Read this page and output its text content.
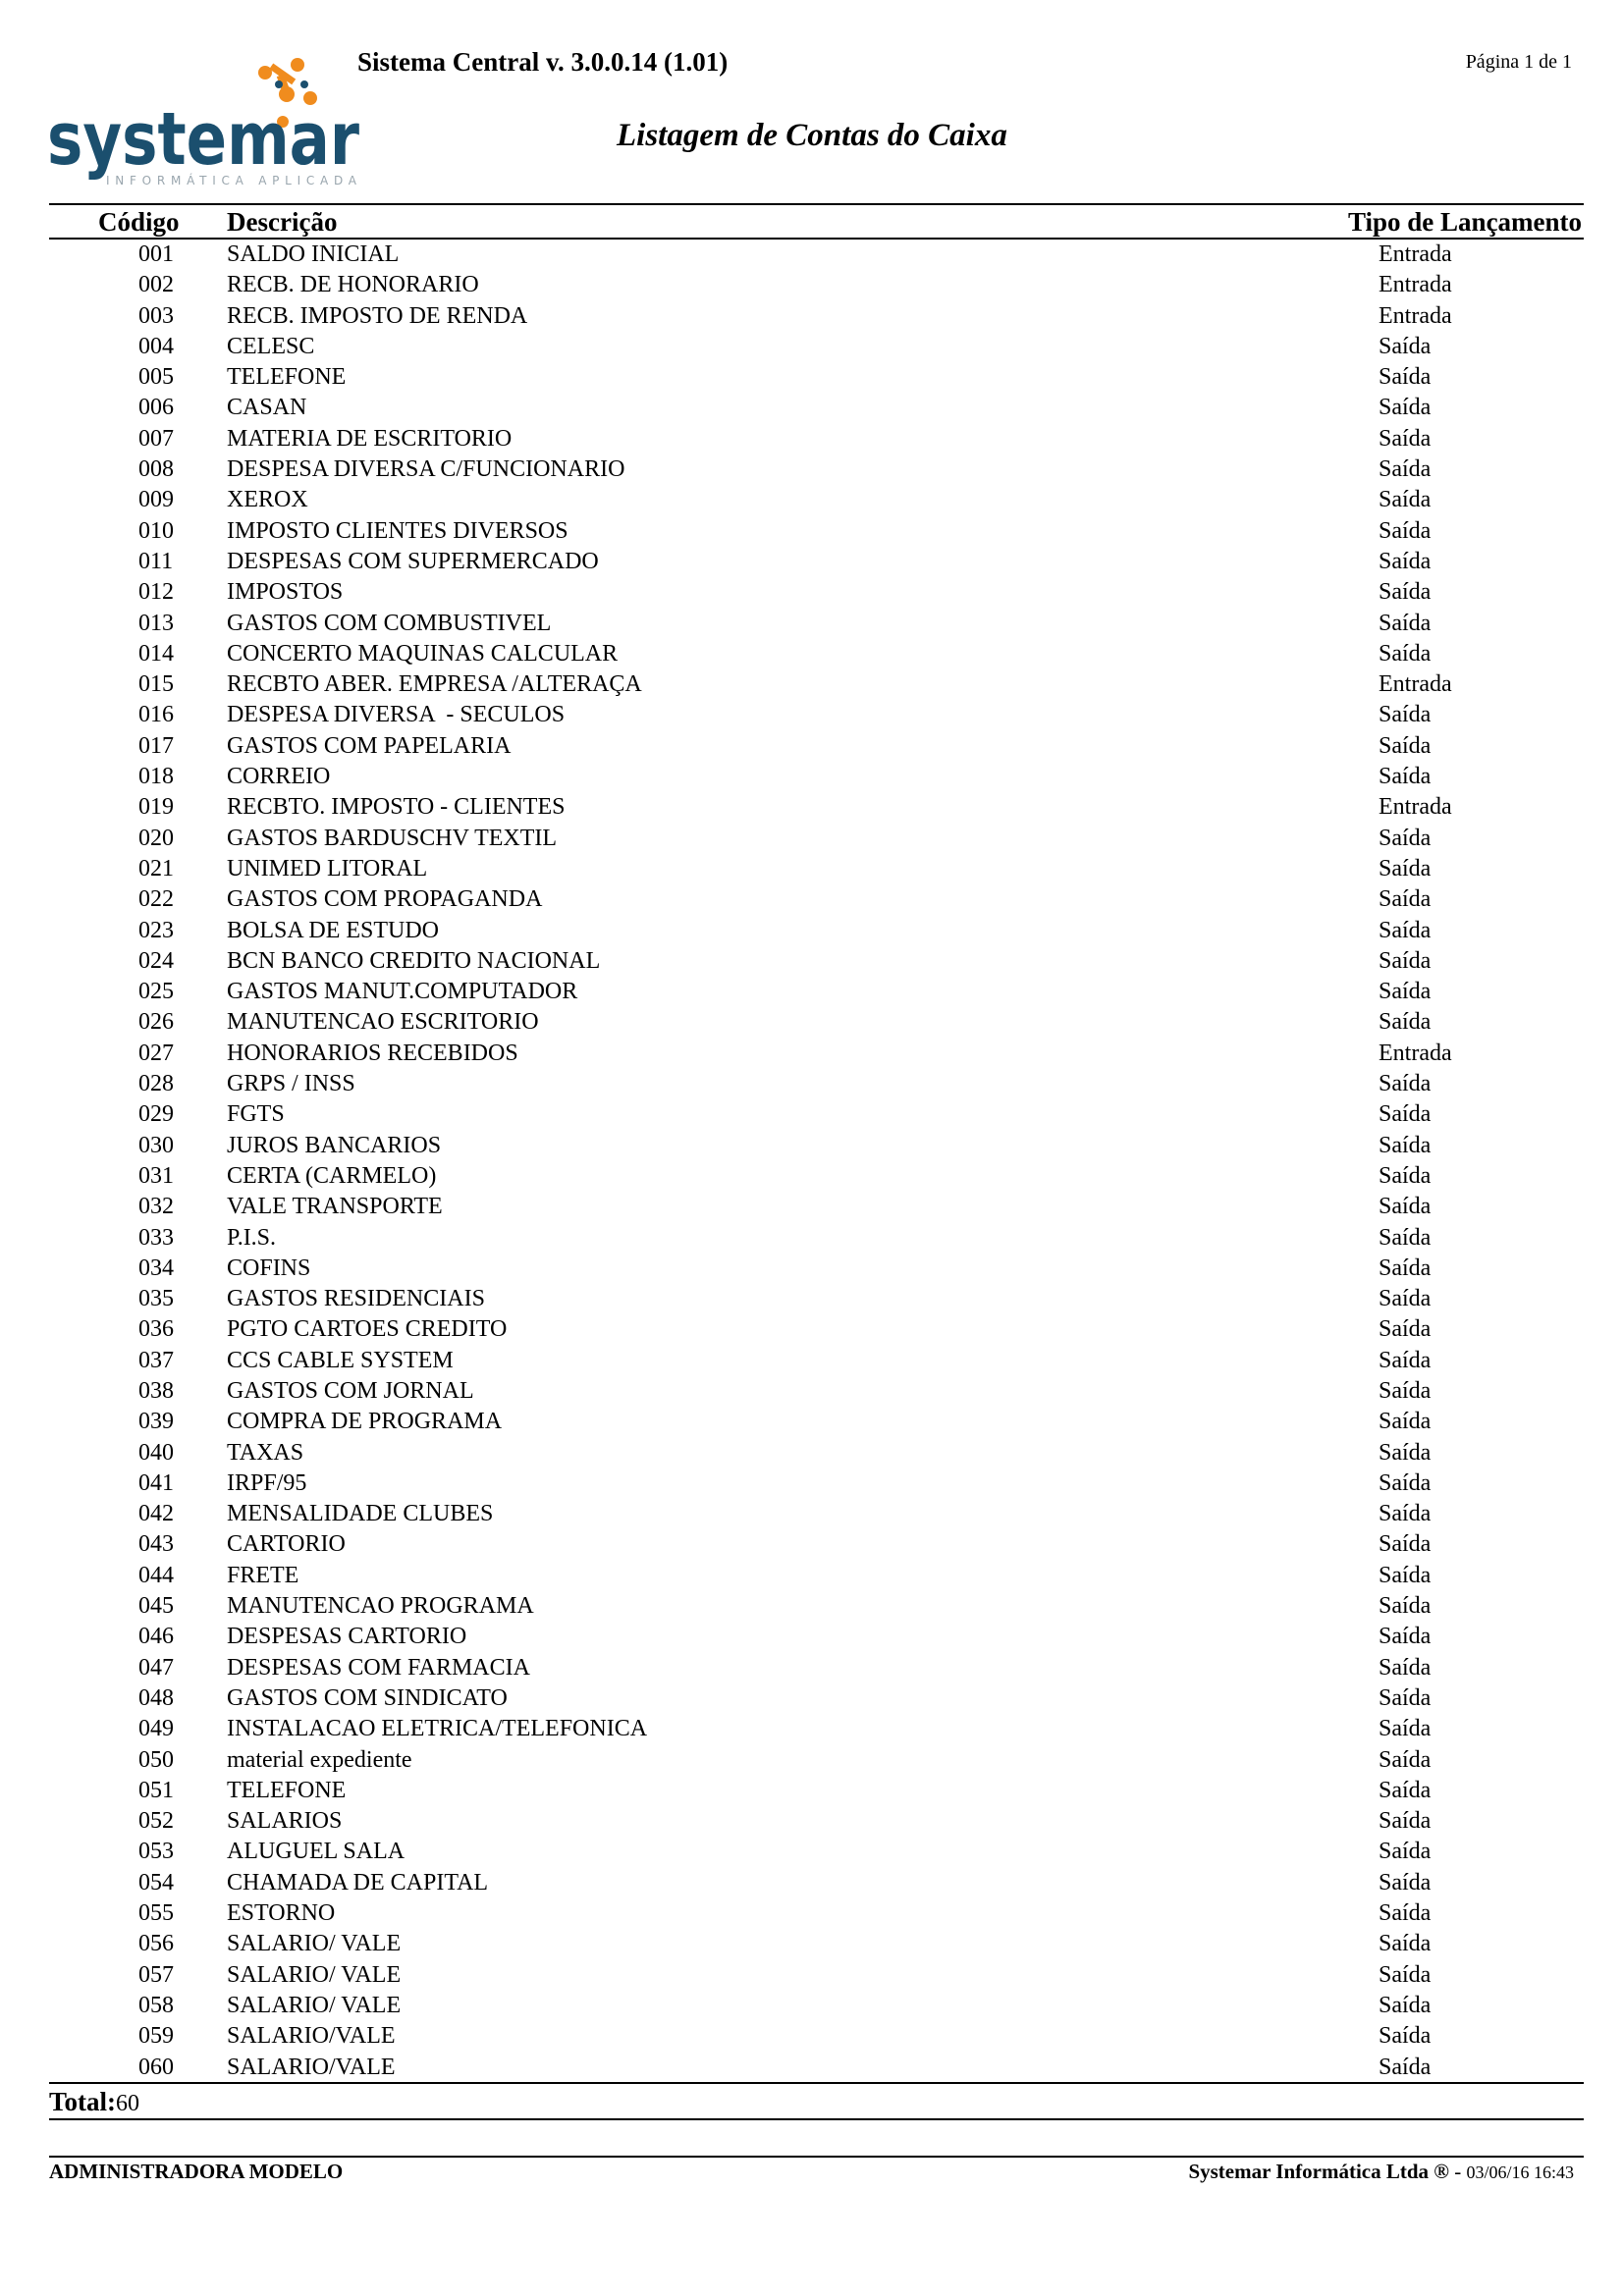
systemar
INFORMÁTICA APLICADA
Sistema Central v. 3.0.0.14 (1.01)	Página 1 de 1
Listagem de Contas do Caixa
Código Descrição	Tipo de Lançamento
001 SALDO INICIAL	Entrada
002 RECB. DE HONORARIO	Entrada
003 RECB. IMPOSTO DE RENDA	Entrada
004 CELESC	Saída
005 TELEFONE	Saída
006 CASAN	Saída
007 MATERIA DE ESCRITORIO	Saída
008 DESPESA DIVERSA C/FUNCIONARIO	Saída
009 XEROX	Saída
010 IMPOSTO CLIENTES DIVERSOS	Saída
011 DESPESAS COM SUPERMERCADO	Saída
012 IMPOSTOS	Saída
013 GASTOS COM COMBUSTIVEL	Saída
014 CONCERTO MAQUINAS CALCULAR	Saída
015 RECBTO ABER. EMPRESA /ALTERAÇA	Entrada
016 DESPESA DIVERSA  - SECULOS	Saída
017 GASTOS COM PAPELARIA	Saída
018 CORREIO	Saída
019 RECBTO. IMPOSTO - CLIENTES	Entrada
020 GASTOS BARDUSCHV TEXTIL	Saída
021 UNIMED LITORAL	Saída
022 GASTOS COM PROPAGANDA	Saída
023 BOLSA DE ESTUDO	Saída
024 BCN BANCO CREDITO NACIONAL	Saída
025 GASTOS MANUT.COMPUTADOR	Saída
026 MANUTENCAO ESCRITORIO	Saída
027 HONORARIOS RECEBIDOS	Entrada
028 GRPS / INSS	Saída
029 FGTS	Saída
030 JUROS BANCARIOS	Saída
031 CERTA (CARMELO)	Saída
032 VALE TRANSPORTE	Saída
033 P.I.S.	Saída
034 COFINS	Saída
035 GASTOS RESIDENCIAIS	Saída
036 PGTO CARTOES CREDITO	Saída
037 CCS CABLE SYSTEM	Saída
038 GASTOS COM JORNAL	Saída
039 COMPRA DE PROGRAMA	Saída
040 TAXAS	Saída
041 IRPF/95	Saída
042 MENSALIDADE CLUBES	Saída
043 CARTORIO	Saída
044 FRETE	Saída
045 MANUTENCAO PROGRAMA	Saída
046 DESPESAS CARTORIO	Saída
047 DESPESAS COM FARMACIA	Saída
048 GASTOS COM SINDICATO	Saída
049 INSTALACAO ELETRICA/TELEFONICA	Saída
050 material expediente	Saída
051 TELEFONE	Saída
052 SALARIOS	Saída
053 ALUGUEL SALA	Saída
054 CHAMADA DE CAPITAL	Saída
055 ESTORNO	Saída
056 SALARIO/ VALE	Saída
057 SALARIO/ VALE	Saída
058 SALARIO/ VALE	Saída
059 SALARIO/VALE	Saída
060 SALARIO/VALE	Saída
Total:60
ADMINISTRADORA MODELO	Systemar Informática Ltda ® - 03/06/16 16:43
